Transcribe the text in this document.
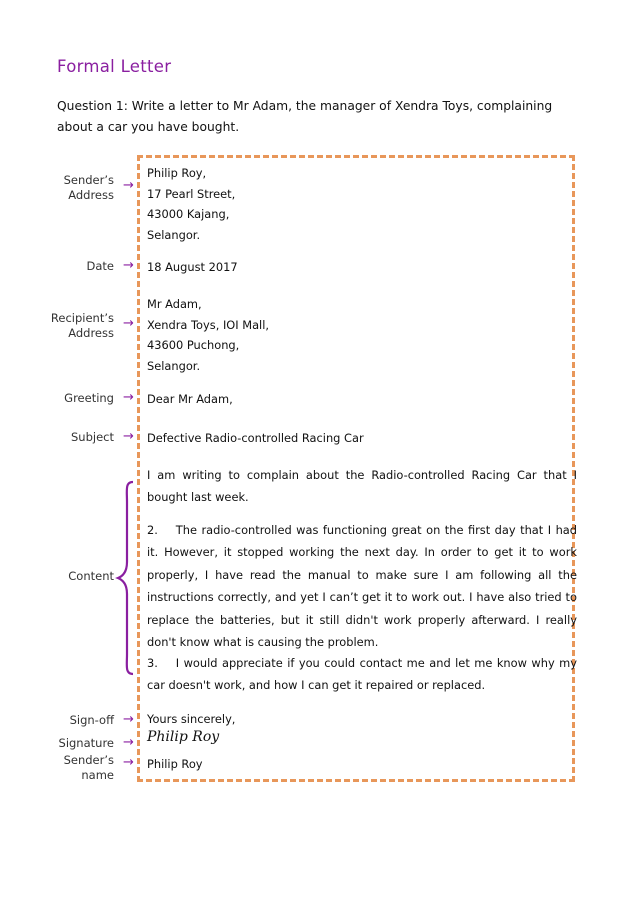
Formal Letter
Question 1: Write a letter to Mr Adam, the manager of Xendra Toys, complaining about a car you have bought.
Sender’s
Address
→
Philip Roy,
17 Pearl Street,
43000 Kajang,
Selangor.
Date → 18 August 2017
Recipient’s
Address
→
Mr Adam,
Xendra Toys, IOI Mall,
43600 Puchong,
Selangor.
Greeting → Dear Mr Adam,
Subject → Defective Radio-controlled Racing Car
Content
I am writing to complain about the Radio-controlled Racing Car that I bought last week.
2.    The radio-controlled was functioning great on the first day that I had it. However, it stopped working the next day. In order to get it to work properly, I have read the manual to make sure I am following all the instructions correctly, and yet I can’t get it to work out. I have also tried to replace the batteries, but it still didn't work properly afterward. I really don't know what is causing the problem.
3.    I would appreciate if you could contact me and let me know why my car doesn't work, and how I can get it repaired or replaced.
Sign-off → Yours sincerely,
Signature → Philip Roy
Sender’s
name
→ Philip Roy
